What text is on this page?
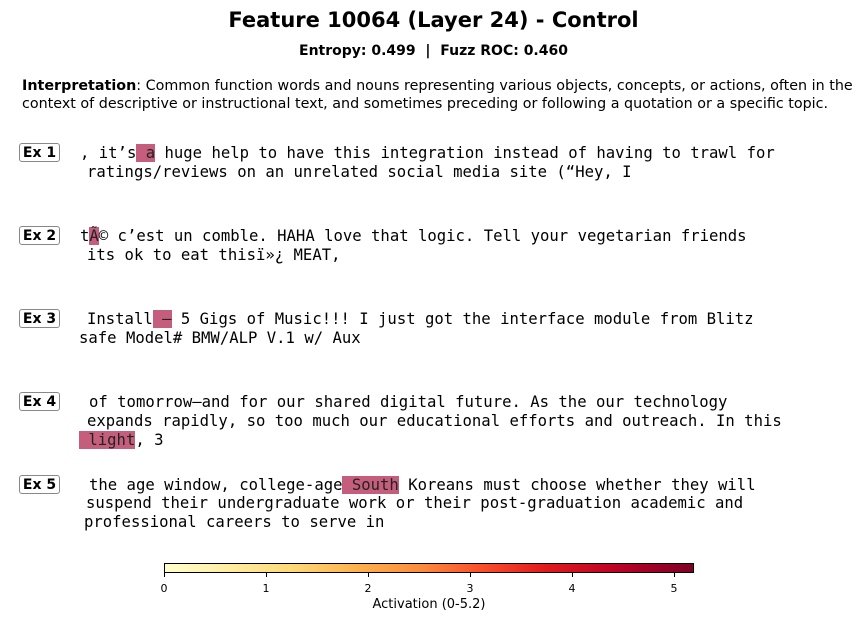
Feature 10064 (Layer 24) - Control
Entropy: 0.499  |  Fuzz ROC: 0.460
Interpretation: Common function words and nouns representing various objects, concepts, or actions, often in the context of descriptive or instructional text, and sometimes preceding or following a quotation or a specific topic.
Ex 1 , it’s a huge help to have this integration instead of having to trawl for
ratings/reviews on an unrelated social media site (“Hey, I
Ex 2 tÃ© c’est un comble. HAHA love that logic. Tell your vegetarian friends
its ok to eat thisï»¿ MEAT,
Ex 3 Install – 5 Gigs of Music!!! I just got the interface module from Blitz
safe Model# BMW/ALP V.1 w/ Aux
Ex 4 of tomorrow—and for our shared digital future. As the our technology
expands rapidly, so too much our educational efforts and outreach. In this
light, 3
Ex 5 the age window, college-age South Koreans must choose whether they will
suspend their undergraduate work or their post-graduation academic and
professional careers to serve in
0	1	2	3	4	5
Activation (0-5.2)
